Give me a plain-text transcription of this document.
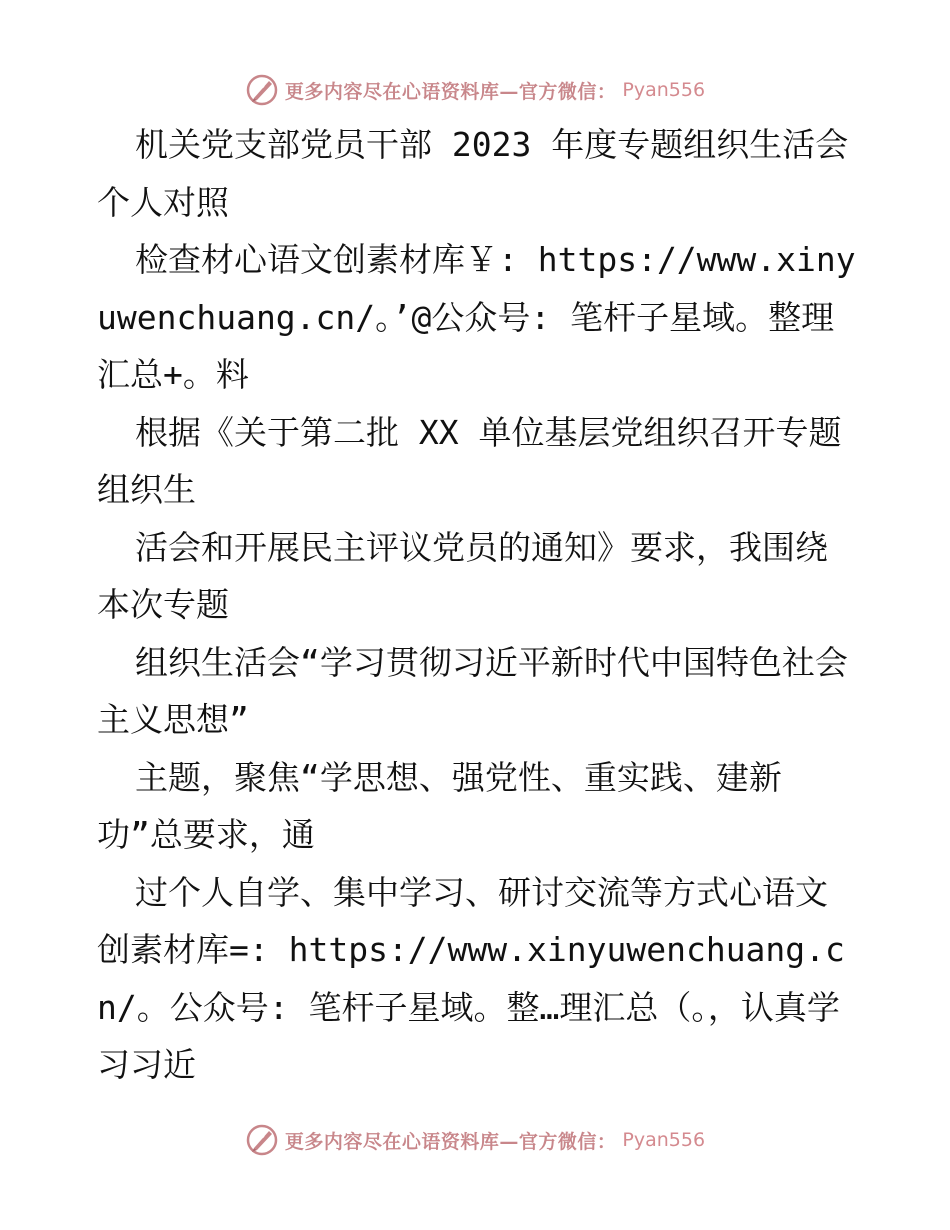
更多内容尽在心语资料库—官方微信： Pyan556

机关党支部党员干部 2023 年度专题组织生活会个人对照

检查材心语文创素材库￥: https://www.xinyuwenchuang.cn/。’@公众号: 笔杆子星域。整理汇总+。料

根据《关于第二批 XX 单位基层党组织召开专题组织生

活会和开展民主评议党员的通知》要求，我围绕本次专题

组织生活会“学习贯彻习近平新时代中国特色社会主义思想”

主题，聚焦“学思想、强党性、重实践、建新功”总要求，通

过个人自学、集中学习、研讨交流等方式心语文创素材库=: https://www.xinyuwenchuang.cn/。公众号: 笔杆子星域。整…理汇总（。，认真学习习近

更多内容尽在心语资料库—官方微信： Pyan556
